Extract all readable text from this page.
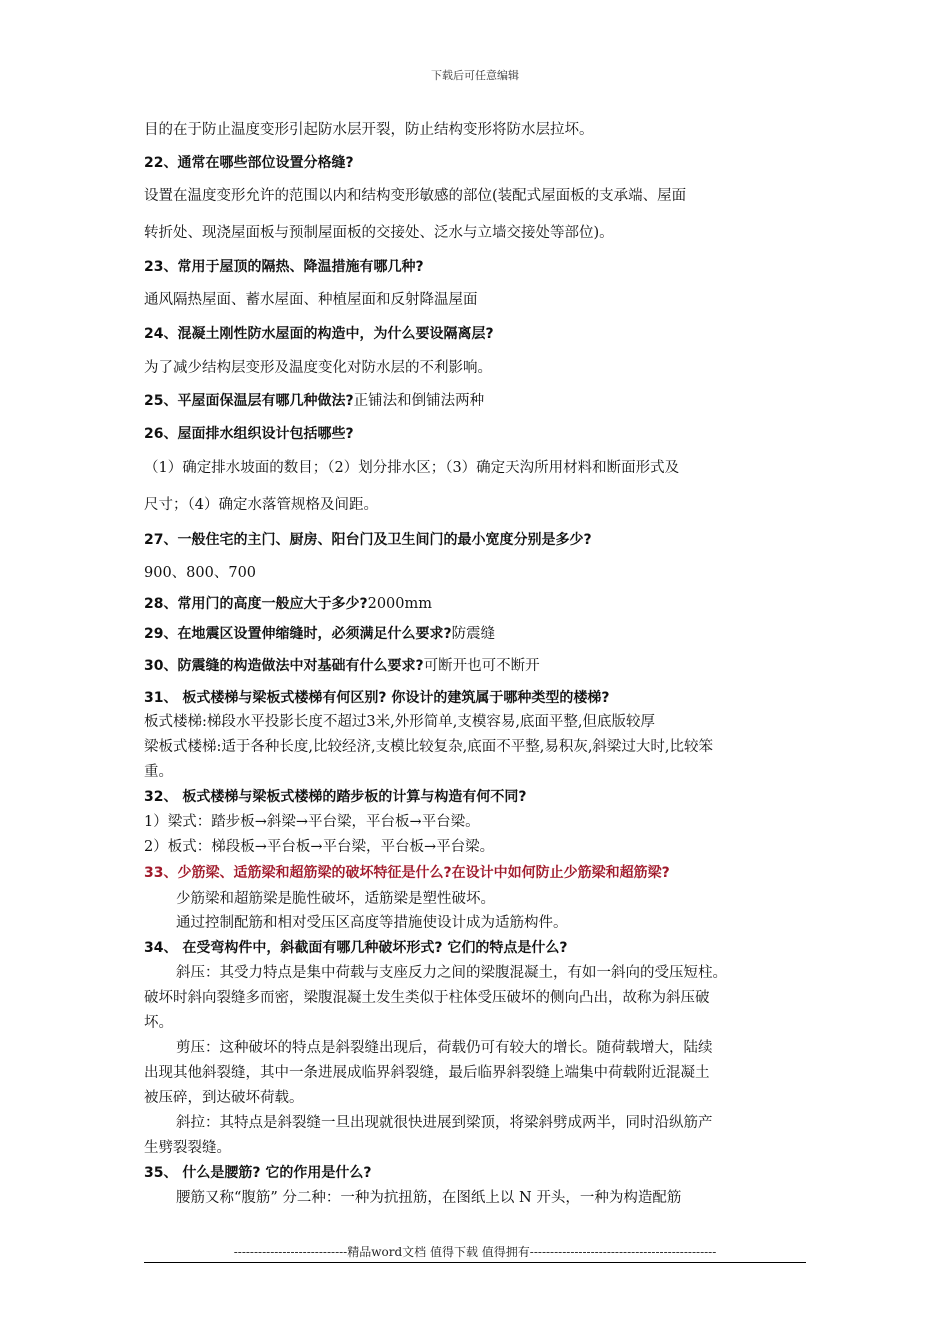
下载后可任意编辑
目的在于防止温度变形引起防水层开裂，防止结构变形将防水层拉坏。
22、通常在哪些部位设置分格缝?
设置在温度变形允许的范围以内和结构变形敏感的部位(装配式屋面板的支承端、屋面
转折处、现浇屋面板与预制屋面板的交接处、泛水与立墙交接处等部位)。
23、常用于屋顶的隔热、降温措施有哪几种?
通风隔热屋面、蓄水屋面、种植屋面和反射降温屋面
24、混凝土刚性防水屋面的构造中，为什么要设隔离层?
为了减少结构层变形及温度变化对防水层的不利影响。
25、平屋面保温层有哪几种做法?正铺法和倒铺法两种
26、屋面排水组织设计包括哪些?
（1）确定排水坡面的数目；（2）划分排水区；（3）确定天沟所用材料和断面形式及
尺寸；（4）确定水落管规格及间距。
27、一般住宅的主门、厨房、阳台门及卫生间门的最小宽度分别是多少?
900、800、700
28、常用门的高度一般应大于多少?2000mm
29、在地震区设置伸缩缝时，必须满足什么要求?防震缝
30、防震缝的构造做法中对基础有什么要求?可断开也可不断开
31、 板式楼梯与梁板式楼梯有何区别? 你设计的建筑属于哪种类型的楼梯?
板式楼梯:梯段水平投影长度不超过3米,外形简单,支模容易,底面平整,但底版较厚
梁板式楼梯:适于各种长度,比较经济,支模比较复杂,底面不平整,易积灰,斜梁过大时,比较笨
重。
32、 板式楼梯与梁板式楼梯的踏步板的计算与构造有何不同?
1）梁式：踏步板→斜梁→平台梁，平台板→平台梁。
2）板式：梯段板→平台板→平台梁，平台板→平台梁。
33、少筋梁、适筋梁和超筋梁的破坏特征是什么?在设计中如何防止少筋梁和超筋梁?
少筋梁和超筋梁是脆性破坏，适筋梁是塑性破坏。
通过控制配筋和相对受压区高度等措施使设计成为适筋构件。
34、 在受弯构件中，斜截面有哪几种破坏形式? 它们的特点是什么?
斜压：其受力特点是集中荷载与支座反力之间的梁腹混凝土，有如一斜向的受压短柱。
破坏时斜向裂缝多而密，梁腹混凝土发生类似于柱体受压破坏的侧向凸出，故称为斜压破
坏。
剪压：这种破坏的特点是斜裂缝出现后，荷载仍可有较大的增长。随荷载增大，陆续
出现其他斜裂缝，其中一条进展成临界斜裂缝，最后临界斜裂缝上端集中荷载附近混凝土
被压碎，到达破坏荷载。
斜拉：其特点是斜裂缝一旦出现就很快进展到梁顶，将梁斜劈成两半，同时沿纵筋产
生劈裂裂缝。
35、 什么是腰筋? 它的作用是什么?
腰筋又称“腹筋” 分二种：一种为抗扭筋，在图纸上以 N 开头，一种为构造配筋
----------------------------精品word文档 值得下载 值得拥有----------------------------------------------
